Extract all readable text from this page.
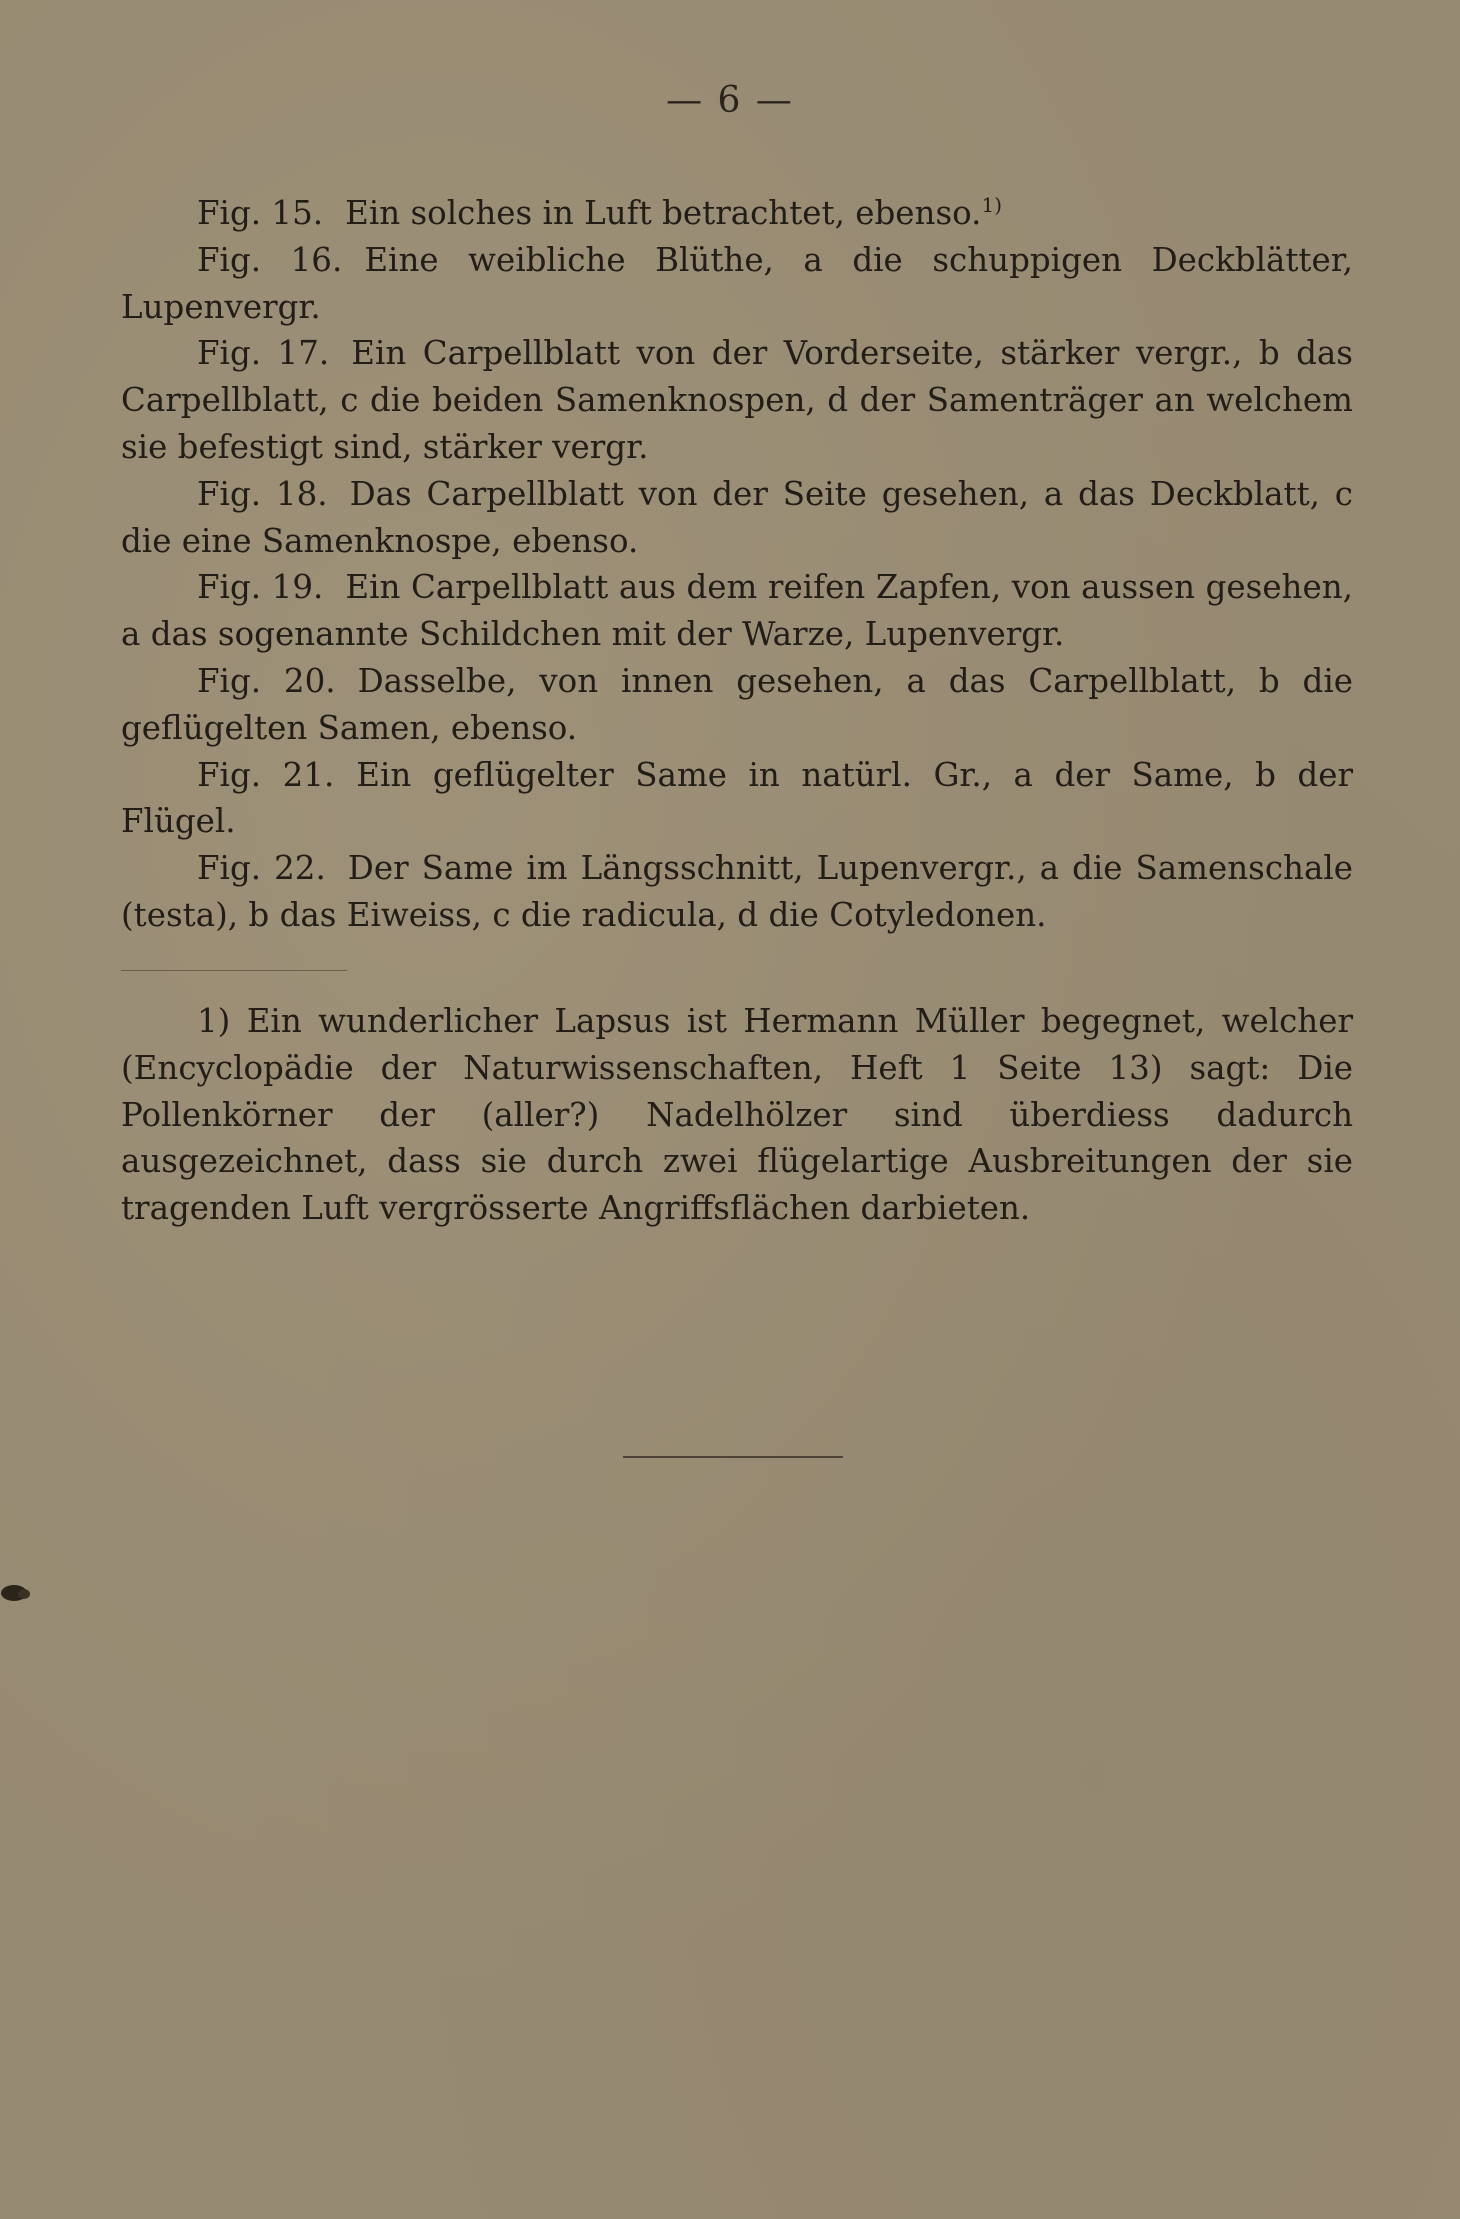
— 6 —

Fig. 15. Ein solches in Luft betrachtet, ebenso.$^{1)}$

Fig. 16. Eine weibliche Blüthe, a die schuppigen Deckblätter, Lupenvergr.

Fig. 17. Ein Carpellblatt von der Vorderseite, stärker vergr., b das Carpellblatt, c die beiden Samenknospen, d der Samenträger an welchem sie befestigt sind, stärker vergr.

Fig. 18. Das Carpellblatt von der Seite gesehen, a das Deckblatt, c die eine Samenknospe, ebenso.

Fig. 19. Ein Carpellblatt aus dem reifen Zapfen, von aussen gesehen, a das sogenannte Schildchen mit der Warze, Lupenvergr.

Fig. 20. Dasselbe, von innen gesehen, a das Carpellblatt, b die geflügelten Samen, ebenso.

Fig. 21. Ein geflügelter Same in natürl. Gr., a der Same, b der Flügel.

Fig. 22. Der Same im Längsschnitt, Lupenvergr., a die Samenschale (testa), b das Eiweiss, c die radicula, d die Cotyledonen.

1) Ein wunderlicher Lapsus ist Hermann Müller begegnet, welcher (Encyclopädie der Naturwissenschaften, Heft 1 Seite 13) sagt: Die Pollenkörner der (aller?) Nadelhölzer sind überdiess dadurch ausgezeichnet, dass sie durch zwei flügelartige Ausbreitungen der sie tragenden Luft vergrösserte Angriffsflächen darbieten.
